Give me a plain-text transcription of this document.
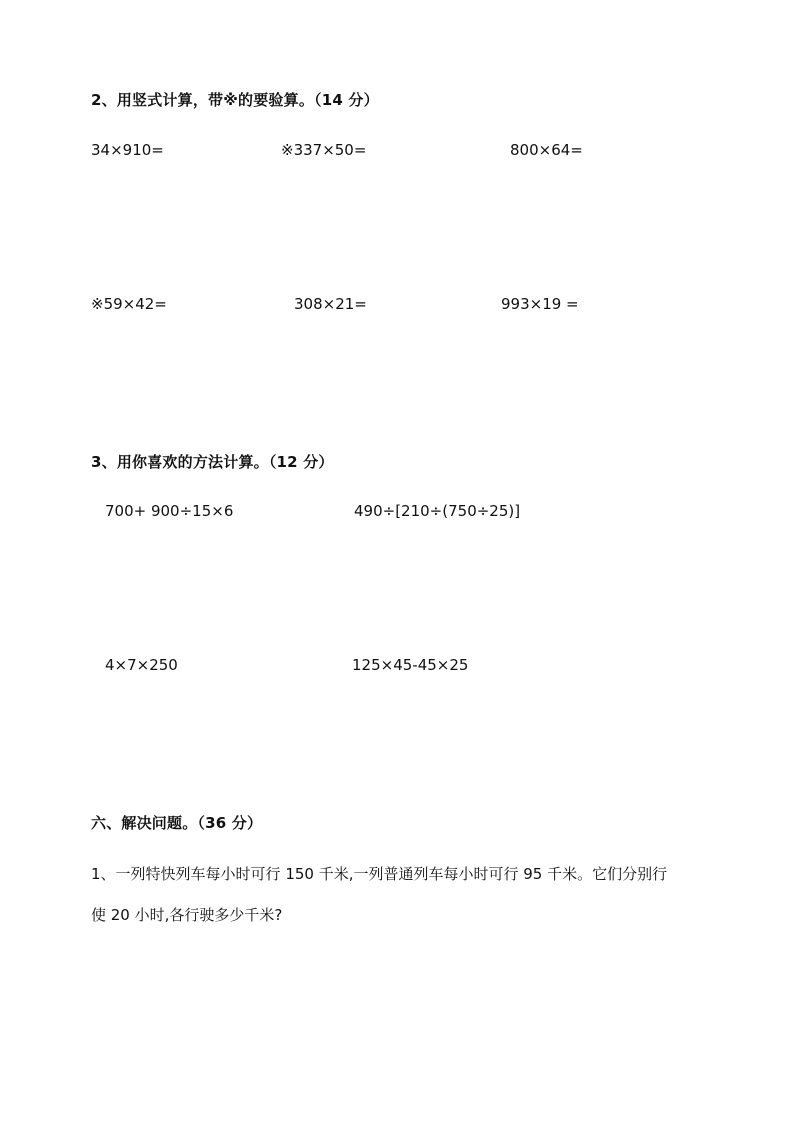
2、用竖式计算，带※的要验算。（14 分）
34×910=	※337×50=	800×64=
※59×42=	308×21=	993×19 =
3、用你喜欢的方法计算。（12 分）
700+ 900÷15×6	490÷[210÷(750÷25)]
4×7×250	125×45-45×25
六、解决问题。（36 分）
1、一列特快列车每小时可行 150 千米,一列普通列车每小时可行 95 千米。它们分别行
使 20 小时,各行驶多少千米?
